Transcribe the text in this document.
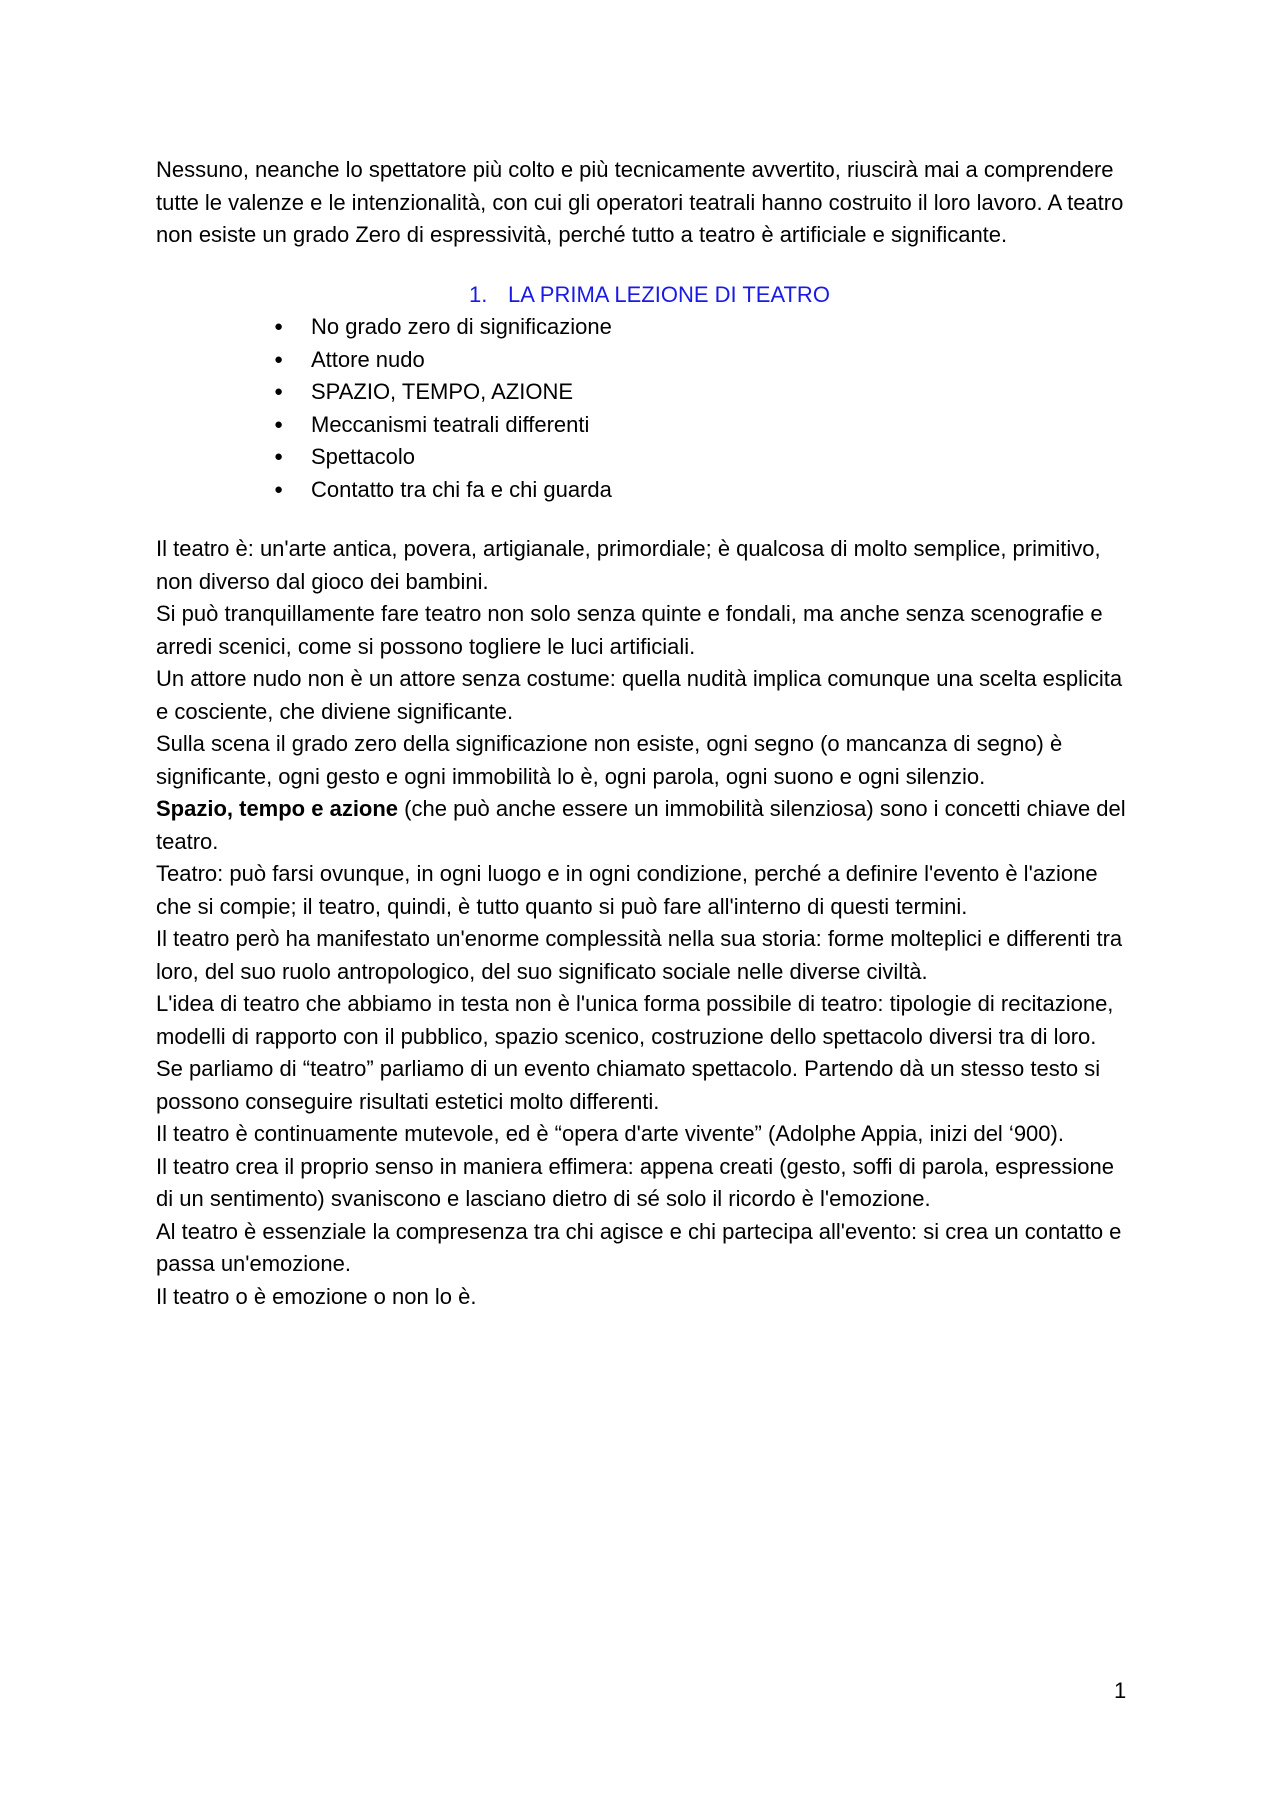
Nessuno, neanche lo spettatore più colto e più tecnicamente avvertito, riuscirà mai a comprendere tutte le valenze e le intenzionalità, con cui gli operatori teatrali hanno costruito il loro lavoro. A teatro non esiste un grado Zero di espressività, perché tutto a teatro è artificiale e significante.

1. LA PRIMA LEZIONE DI TEATRO

● No grado zero di significazione
● Attore nudo
● SPAZIO, TEMPO, AZIONE
● Meccanismi teatrali differenti
● Spettacolo
● Contatto tra chi fa e chi guarda

Il teatro è: un'arte antica, povera, artigianale, primordiale; è qualcosa di molto semplice, primitivo, non diverso dal gioco dei bambini.

Si può tranquillamente fare teatro non solo senza quinte e fondali, ma anche senza scenografie e arredi scenici, come si possono togliere le luci artificiali.

Un attore nudo non è un attore senza costume: quella nudità implica comunque una scelta esplicita e cosciente, che diviene significante.

Sulla scena il grado zero della significazione non esiste, ogni segno (o mancanza di segno) è significante, ogni gesto e ogni immobilità lo è, ogni parola, ogni suono e ogni silenzio.

Spazio, tempo e azione (che può anche essere un immobilità silenziosa) sono i concetti chiave del teatro.

Teatro: può farsi ovunque, in ogni luogo e in ogni condizione, perché a definire l'evento è l'azione che si compie; il teatro, quindi, è tutto quanto si può fare all'interno di questi termini.

Il teatro però ha manifestato un'enorme complessità nella sua storia: forme molteplici e differenti tra loro, del suo ruolo antropologico, del suo significato sociale nelle diverse civiltà.

L'idea di teatro che abbiamo in testa non è l'unica forma possibile di teatro: tipologie di recitazione, modelli di rapporto con il pubblico, spazio scenico, costruzione dello spettacolo diversi tra di loro.

Se parliamo di “teatro” parliamo di un evento chiamato spettacolo. Partendo dà un stesso testo si possono conseguire risultati estetici molto differenti.

Il teatro è continuamente mutevole, ed è “opera d'arte vivente” (Adolphe Appia, inizi del ‘900).

Il teatro crea il proprio senso in maniera effimera: appena creati (gesto, soffi di parola, espressione di un sentimento) svaniscono e lasciano dietro di sé solo il ricordo è l'emozione.

Al teatro è essenziale la compresenza tra chi agisce e chi partecipa all'evento: si crea un contatto e passa un'emozione.

Il teatro o è emozione o non lo è.

1
